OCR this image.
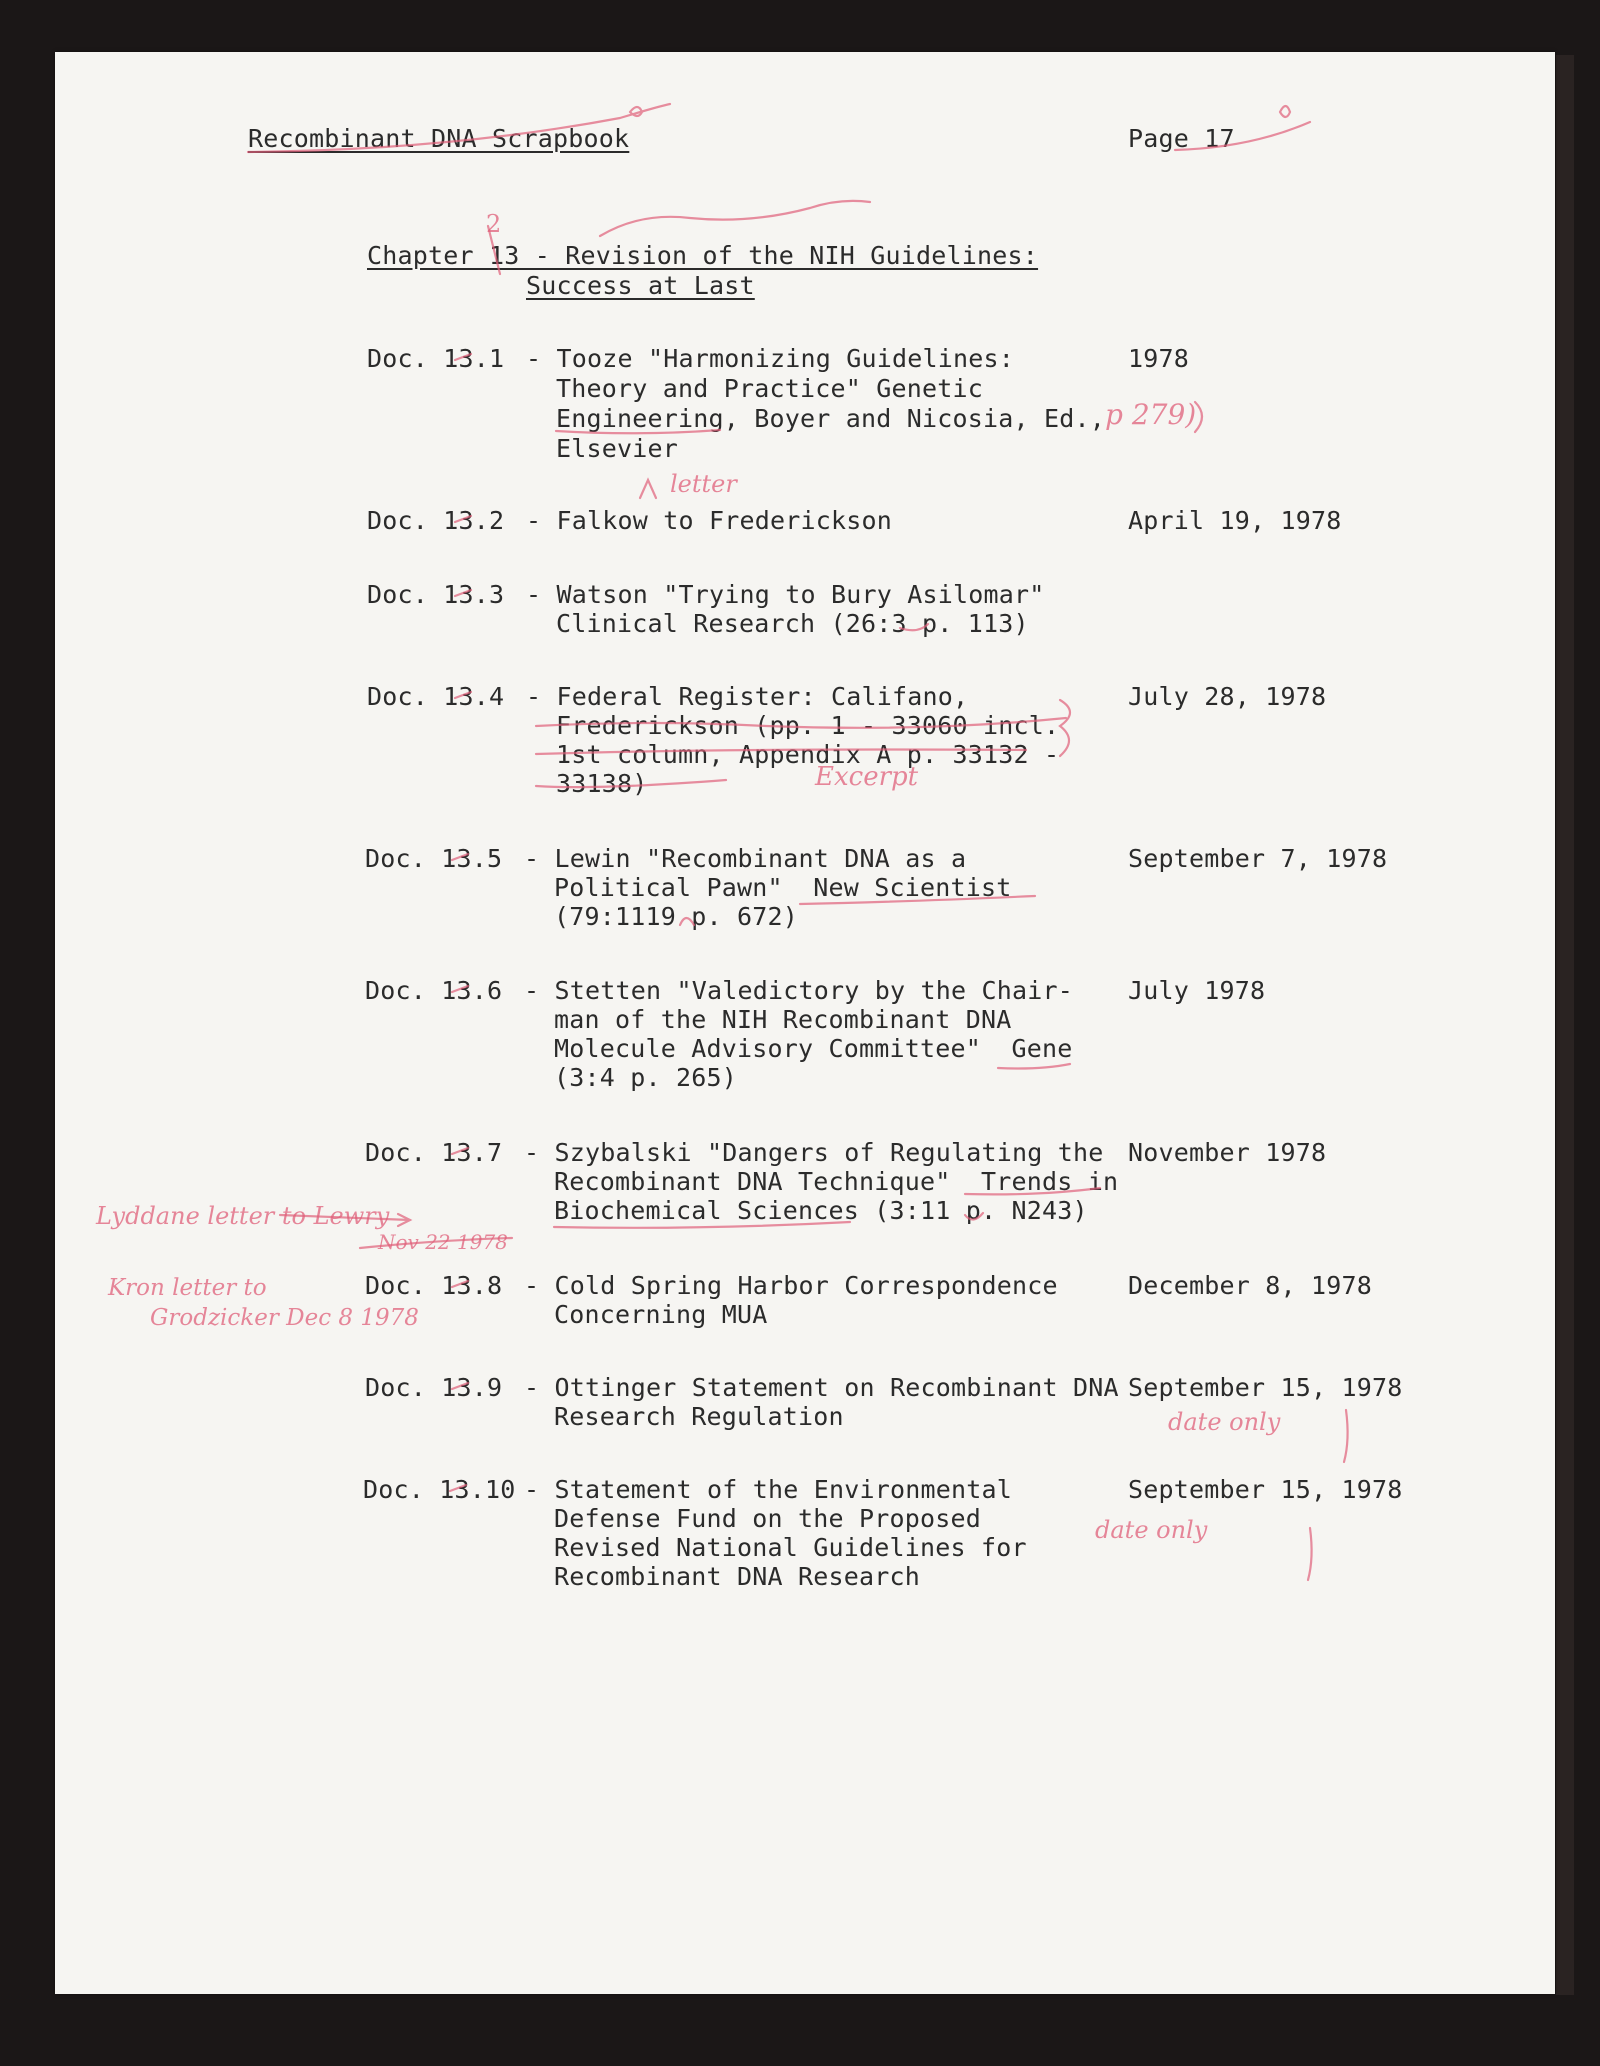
Recombinant DNA Scrapbook	Page 17
Chapter 13 - Revision of the NIH Guidelines:
Success at Last
Doc. 13.1 - Tooze "Harmonizing Guidelines:
Theory and Practice" Genetic
Engineering, Boyer and Nicosia, Ed.,
Elsevier
1978
Doc. 13.2 - Falkow to Frederickson	April 19, 1978
Doc. 13.3 - Watson "Trying to Bury Asilomar"
Clinical Research (26:3 p. 113)
Doc. 13.4 - Federal Register: Califano,
Frederickson (pp. 1 - 33060 incl.
1st column, Appendix A p. 33132 -
33138)
July 28, 1978
Doc. 13.5 - Lewin "Recombinant DNA as a
Political Pawn"  New Scientist
(79:1119 p. 672)
September 7, 1978
Doc. 13.6 - Stetten "Valedictory by the Chair-
man of the NIH Recombinant DNA
Molecule Advisory Committee"  Gene
(3:4 p. 265)
July 1978
Doc. 13.7 - Szybalski "Dangers of Regulating the
Recombinant DNA Technique"  Trends in
Biochemical Sciences (3:11 p. N243)
November 1978
Doc. 13.8 - Cold Spring Harbor Correspondence
Concerning MUA
December 8, 1978
Doc. 13.9 - Ottinger Statement on Recombinant DNA
Research Regulation
September 15, 1978
Doc. 13.10 - Statement of the Environmental
Defense Fund on the Proposed
Revised National Guidelines for
Recombinant DNA Research
September 15, 1978
p 279)
letter
Excerpt
Lyddane letter to Lewry
Nov 22 1978
Kron letter to
Grodzicker Dec 8 1978
date only
date only
2
